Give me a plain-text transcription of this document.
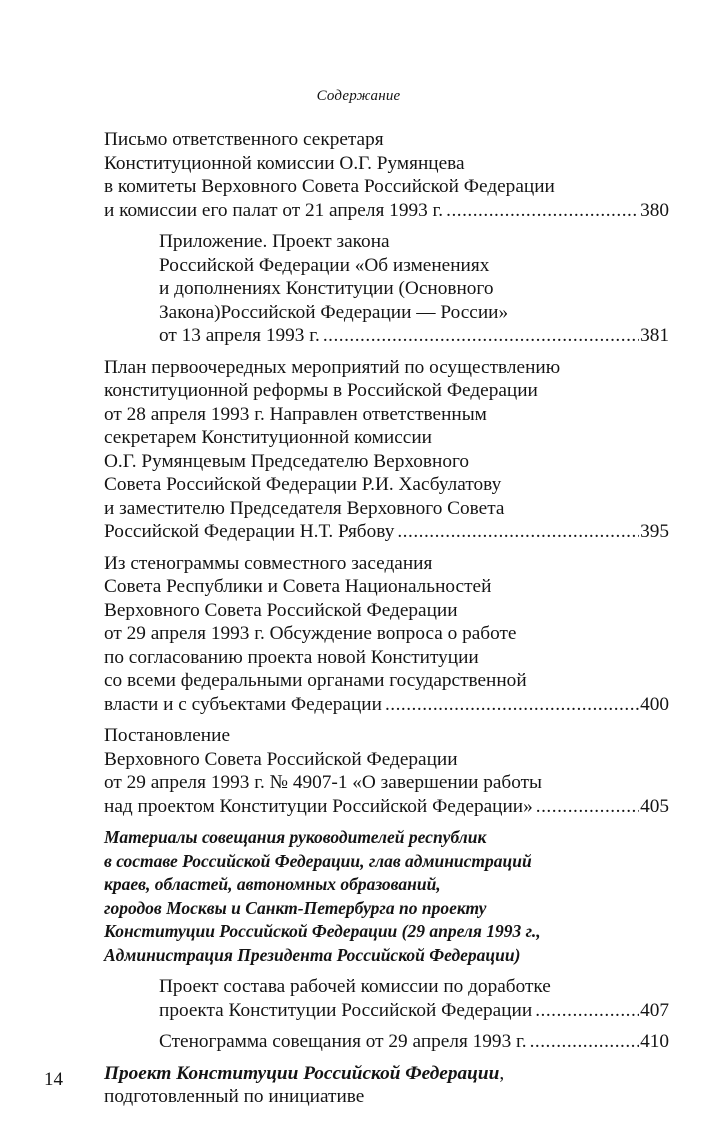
Содержание
Письмо ответственного секретаря
Конституционной комиссии О.Г. Румянцева
в комитеты Верховного Совета Российской Федерации
и комиссии его палат от 21 апреля 1993 г. .....	380
Приложение. Проект закона
Российской Федерации «Об изменениях
и дополнениях Конституции (Основного
Закона)Российской Федерации — России»
от 13 апреля 1993 г. .....	381
План первоочередных мероприятий по осуществлению
конституционной реформы в Российской Федерации
от 28 апреля 1993 г. Направлен ответственным
секретарем Конституционной комиссии
О.Г. Румянцевым Председателю Верховного
Совета Российской Федерации Р.И. Хасбулатову
и заместителю Председателя Верховного Совета
Российской Федерации Н.Т. Рябову .....	395
Из стенограммы совместного заседания
Совета Республики и Совета Национальностей
Верховного Совета Российской Федерации
от 29 апреля 1993 г. Обсуждение вопроса о работе
по согласованию проекта новой Конституции
со всеми федеральными органами государственной
власти и с субъектами Федерации .....	400
Постановление
Верховного Совета Российской Федерации
от 29 апреля 1993 г. № 4907-1 «О завершении работы
над проектом Конституции Российской Федерации» .....	405
Материалы совещания руководителей республик
в составе Российской Федерации, глав администраций
краев, областей, автономных образований,
городов Москвы и Санкт-Петербурга по проекту
Конституции Российской Федерации (29 апреля 1993 г.,
Администрация Президента Российской Федерации)
Проект состава рабочей комиссии по доработке
проекта Конституции Российской Федерации .....	407
Стенограмма совещания от 29 апреля 1993 г. .....	410
Проект Конституции Российской Федерации,
подготовленный по инициативе
14
